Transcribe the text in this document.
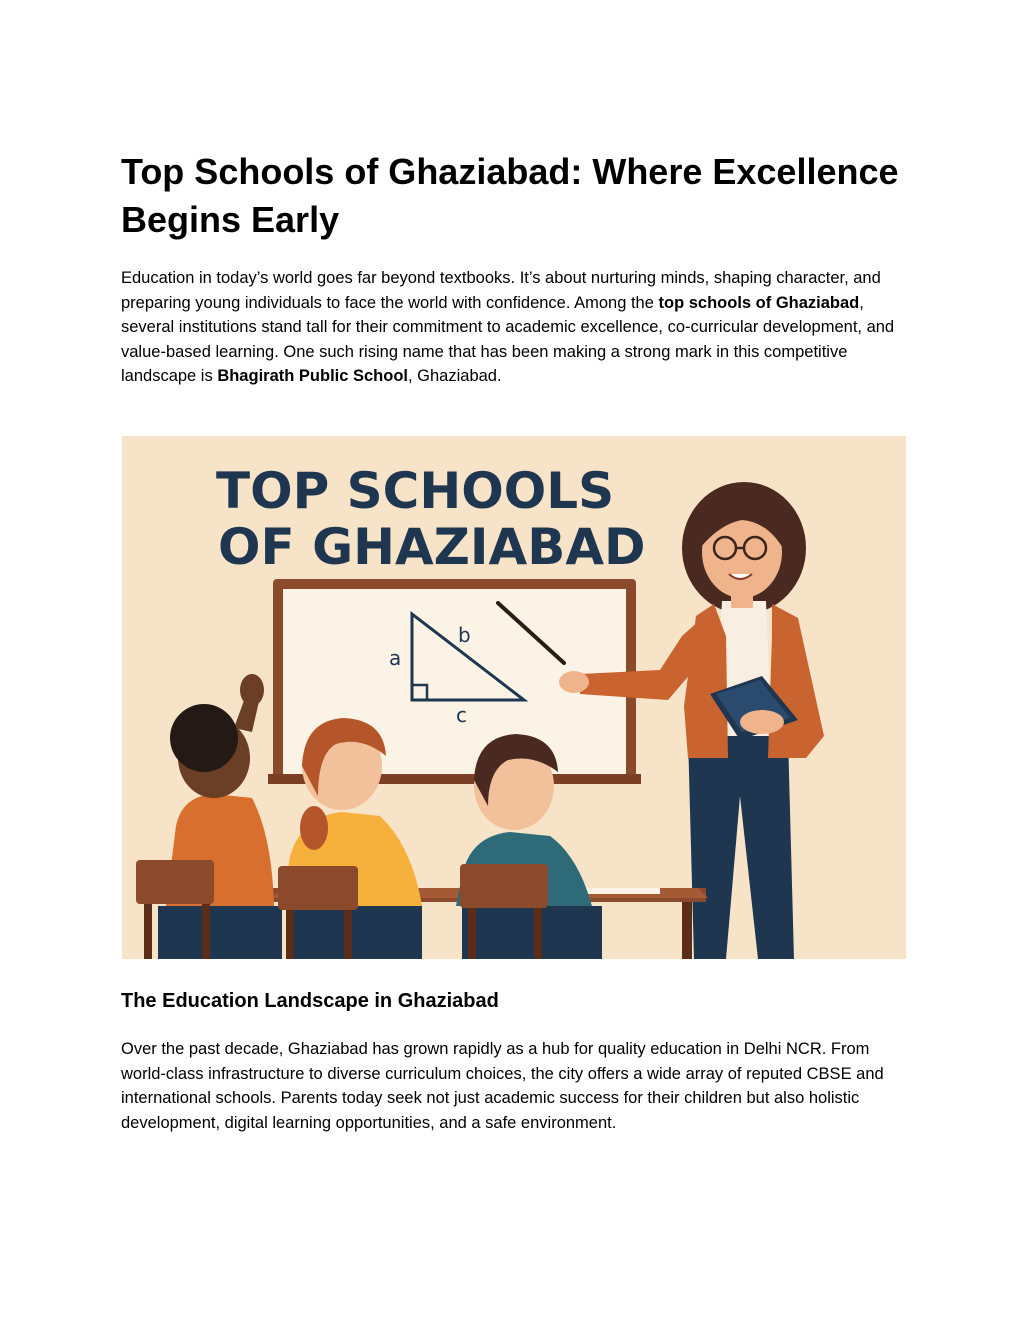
Top Schools of Ghaziabad: Where Excellence Begins Early

Education in today’s world goes far beyond textbooks. It’s about nurturing minds, shaping character, and preparing young individuals to face the world with confidence. Among the top schools of Ghaziabad, several institutions stand tall for their commitment to academic excellence, co-curricular development, and value-based learning. One such rising name that has been making a strong mark in this competitive landscape is Bhagirath Public School, Ghaziabad.

TOP SCHOOLS
OF GHAZIABAD
a
b
c
The Education Landscape in Ghaziabad

Over the past decade, Ghaziabad has grown rapidly as a hub for quality education in Delhi NCR. From world-class infrastructure to diverse curriculum choices, the city offers a wide array of reputed CBSE and international schools. Parents today seek not just academic success for their children but also holistic development, digital learning opportunities, and a safe environment.
